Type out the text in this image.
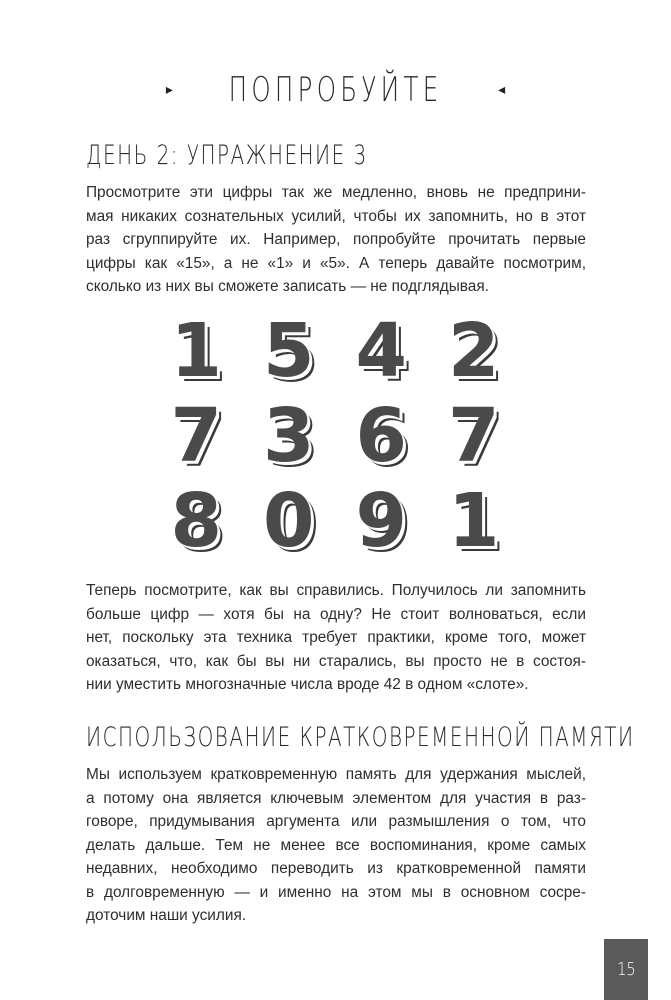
▸ ПОПРОБУЙТЕ	◂
ДЕНЬ 2: УПРАЖНЕНИЕ 3

Просмотрите эти цифры так же медленно, вновь не предприни-
мая никаких сознательных усилий, чтобы их запомнить, но в этот
раз сгруппируйте их. Например, попробуйте прочитать первые
цифры как «15», а не «1» и «5». А теперь давайте посмотрим,
сколько из них вы сможете записать — не подглядывая.

1 5 4 2
7 3 6 7
8 0 9 1

Теперь посмотрите, как вы справились. Получилось ли запомнить
больше цифр — хотя бы на одну? Не стоит волноваться, если
нет, поскольку эта техника требует практики, кроме того, может
оказаться, что, как бы вы ни старались, вы просто не в состоя-
нии уместить многозначные числа вроде 42 в одном «слоте».

ИСПОЛЬЗОВАНИЕ КРАТКОВРЕМЕННОЙ ПАМЯТИ

Мы используем кратковременную память для удержания мыслей,
а потому она является ключевым элементом для участия в раз-
говоре, придумывания аргумента или размышления о том, что
делать дальше. Тем не менее все воспоминания, кроме самых
недавних, необходимо переводить из кратковременной памяти
в долговременную — и именно на этом мы в основном сосре-
доточим наши усилия.

15
